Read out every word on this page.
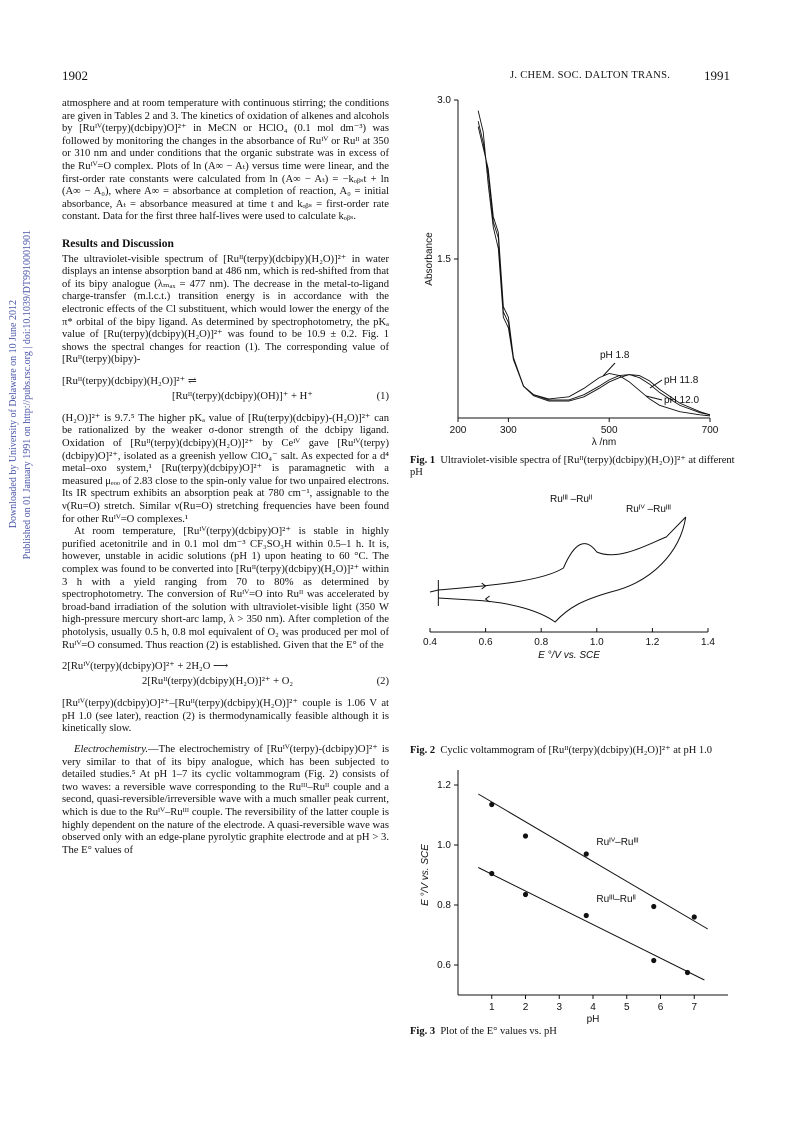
1902	J. CHEM. SOC. DALTON TRANS.	1991
Downloaded by University of Delaware on 10 June 2012 Published on 01 January 1991 on http://pubs.rsc.org | doi:10.1039/DT9910001901

atmosphere and at room temperature with continuous stirring; the conditions are given in Tables 2 and 3. The kinetics of oxidation of alkenes and alcohols by [Ruᴵⱽ(terpy)(dcbipy)O]²⁺ in MeCN or HClO₄ (0.1 mol dm⁻³) was followed by monitoring the changes in the absorbance of Ruᴵⱽ or Ruᴵᴵ at 350 or 310 nm and under conditions that the organic substrate was in excess of the Ruᴵⱽ=O complex. Plots of ln (A∞ − Aₜ) versus time were linear, and the first-order rate constants were calculated from ln (A∞ − Aₜ) = −kₒᵦₛt + ln (A∞ − A₀), where A∞ = absorbance at completion of reaction, A₀ = initial absorbance, Aₜ = absorbance measured at time t and kₒᵦₛ = first-order rate constant. Data for the first three half-lives were used to calculate kₒᵦₛ.

Results and Discussion

The ultraviolet-visible spectrum of [Ruᴵᴵ(terpy)(dcbipy)(H₂O)]²⁺ in water displays an intense absorption band at 486 nm, which is red-shifted from that of its bipy analogue (λₘₐₓ = 477 nm). The decrease in the metal-to-ligand charge-transfer (m.l.c.t.) transition energy is in accordance with the electronic effects of the Cl substituent, which would lower the energy of the π* orbital of the bipy ligand. As determined by spectrophotometry, the pKₐ value of [Ru(terpy)(dcbipy)(H₂O)]²⁺ was found to be 10.9 ± 0.2. Fig. 1 shows the spectral changes for reaction (1). The corresponding value of [Ruᴵᴵ(terpy)(bipy)-

[Ruᴵᴵ(terpy)(dcbipy)(H₂O)]²⁺ ⇌
(1)
[Ruᴵᴵ(terpy)(dcbipy)(OH)]⁺ + H⁺

(H₂O)]²⁺ is 9.7.⁵ The higher pKₐ value of [Ru(terpy)(dcbipy)-(H₂O)]²⁺ can be rationalized by the weaker σ-donor strength of the dcbipy ligand. Oxidation of [Ruᴵᴵ(terpy)(dcbipy)(H₂O)]²⁺ by Ceᴵⱽ gave [Ruᴵⱽ(terpy)(dcbipy)O]²⁺, isolated as a greenish yellow ClO₄⁻ salt. As expected for a d⁴ metal–oxo system,¹ [Ru(terpy)(dcbipy)O]²⁺ is paramagnetic with a measured μₑₒₒ of 2.83 close to the spin-only value for two unpaired electrons. Its IR spectrum exhibits an absorption peak at 780 cm⁻¹, assignable to the ν(Ru=O) stretch. Similar ν(Ru=O) stretching frequencies have been found for other Ruᴵⱽ=O complexes.¹

At room temperature, [Ruᴵⱽ(terpy)(dcbipy)O]²⁺ is stable in highly purified acetonitrile and in 0.1 mol dm⁻³ CF₃SO₃H within 0.5–1 h. It is, however, unstable in acidic solutions (pH 1) upon heating to 60 °C. The complex was found to be converted into [Ruᴵᴵ(terpy)(dcbipy)(H₂O)]²⁺ within 3 h with a yield ranging from 70 to 80% as determined by spectrophotometry. The conversion of Ruᴵⱽ=O into Ruᴵᴵ was accelerated by broad-band irradiation of the solution with ultraviolet-visible light (350 W high-pressure mercury short-arc lamp, λ > 350 nm). After completion of the photolysis, usually 0.5 h, 0.8 mol equivalent of O₂ was produced per mol of Ruᴵⱽ=O consumed. Thus reaction (2) is established. Given that the E° of the

2[Ruᴵⱽ(terpy)(dcbipy)O]²⁺ + 2H₂O ⟶
(2)
2[Ruᴵᴵ(terpy)(dcbipy)(H₂O)]²⁺ + O₂

[Ruᴵⱽ(terpy)(dcbipy)O]²⁺–[Ruᴵᴵ(terpy)(dcbipy)(H₂O)]²⁺ couple is 1.06 V at pH 1.0 (see later), reaction (2) is thermodynamically feasible although it is kinetically slow.

Electrochemistry.—The electrochemistry of [Ruᴵⱽ(terpy)-(dcbipy)O]²⁺ is very similar to that of its bipy analogue, which has been subjected to detailed studies.⁵ At pH 1–7 its cyclic voltammogram (Fig. 2) consists of two waves: a reversible wave corresponding to the Ruᴵᴵᴵ–Ruᴵᴵ couple and a second, quasi-reversible/irreversible wave with a much smaller peak current, which is due to the Ruᴵⱽ–Ruᴵᴵᴵ couple. The reversibility of the latter couple is highly dependent on the nature of the electrode. A quasi-reversible wave was observed only with an edge-plane pyrolytic graphite electrode and at pH > 3. The E° values of

1.5
3.0
200	300	500	700
λ /nm
Absorbance
pH 1.8
pH 11.8
pH 12.0
Fig. 1 Ultraviolet-visible spectra of [Ruᴵᴵ(terpy)(dcbipy)(H₂O)]²⁺ at different pH
0.4	0.6	0.8	1.0	1.2	1.4
E °/V vs. SCE
Ruᴵᴵᴵ –Ruᴵᴵ
Ruᴵⱽ –Ruᴵᴵᴵ
Fig. 2 Cyclic voltammogram of [Ruᴵᴵ(terpy)(dcbipy)(H₂O)]²⁺ at pH 1.0
0.6
0.8
1.0
1.2
1	2	3	4	5	6	7
pH
E °/V vs. SCE
Ruᴵⱽ–Ruᴵᴵᴵ
Ruᴵᴵᴵ–Ruᴵᴵ
Fig. 3 Plot of the E° values vs. pH
